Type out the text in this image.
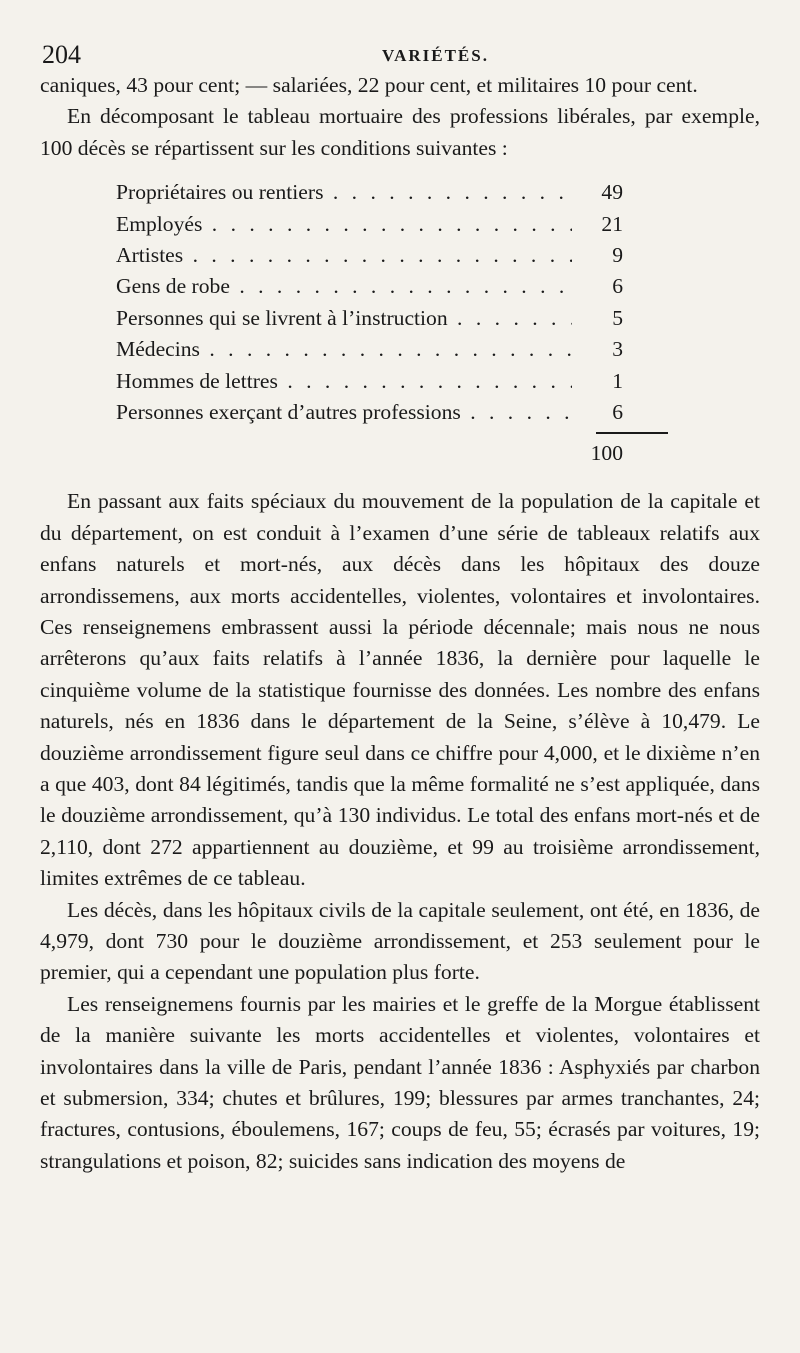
204	VARIÉTÉS.

caniques, 43 pour cent; — salariées, 22 pour cent, et militaires 10 pour cent.

En décomposant le tableau mortuaire des professions libérales, par exemple, 100 décès se répartissent sur les conditions suivantes :

Propriétaires ou rentiers . . .	49
Employés . . .	21
Artistes . . .	9
Gens de robe . . .	6
Personnes qui se livrent à l’instruction . . .	5
Médecins . . .	3
Hommes de lettres . . .	1
Personnes exerçant d’autres professions . . .	6
100

En passant aux faits spéciaux du mouvement de la population de la capitale et du département, on est conduit à l’examen d’une série de tableaux relatifs aux enfans naturels et mort-nés, aux décès dans les hôpitaux des douze arrondissemens, aux morts accidentelles, violentes, volontaires et involontaires. Ces renseignemens embrassent aussi la période décennale; mais nous ne nous arrêterons qu’aux faits relatifs à l’année 1836, la dernière pour laquelle le cinquième volume de la statistique fournisse des données. Les nombre des enfans naturels, nés en 1836 dans le département de la Seine, s’élève à 10,479. Le douzième arrondissement figure seul dans ce chiffre pour 4,000, et le dixième n’en a que 403, dont 84 légitimés, tandis que la même formalité ne s’est appliquée, dans le douzième arrondissement, qu’à 130 individus. Le total des enfans mort-nés et de 2,110, dont 272 appartiennent au douzième, et 99 au troisième arrondissement, limites extrêmes de ce tableau.

Les décès, dans les hôpitaux civils de la capitale seulement, ont été, en 1836, de 4,979, dont 730 pour le douzième arrondissement, et 253 seulement pour le premier, qui a cependant une population plus forte.

Les renseignemens fournis par les mairies et le greffe de la Morgue établissent de la manière suivante les morts accidentelles et violentes, volontaires et involontaires dans la ville de Paris, pendant l’année 1836 : Asphyxiés par charbon et submersion, 334; chutes et brûlures, 199; blessures par armes tranchantes, 24; fractures, contusions, éboulemens, 167; coups de feu, 55; écrasés par voitures, 19; strangulations et poison, 82; suicides sans indication des moyens de
